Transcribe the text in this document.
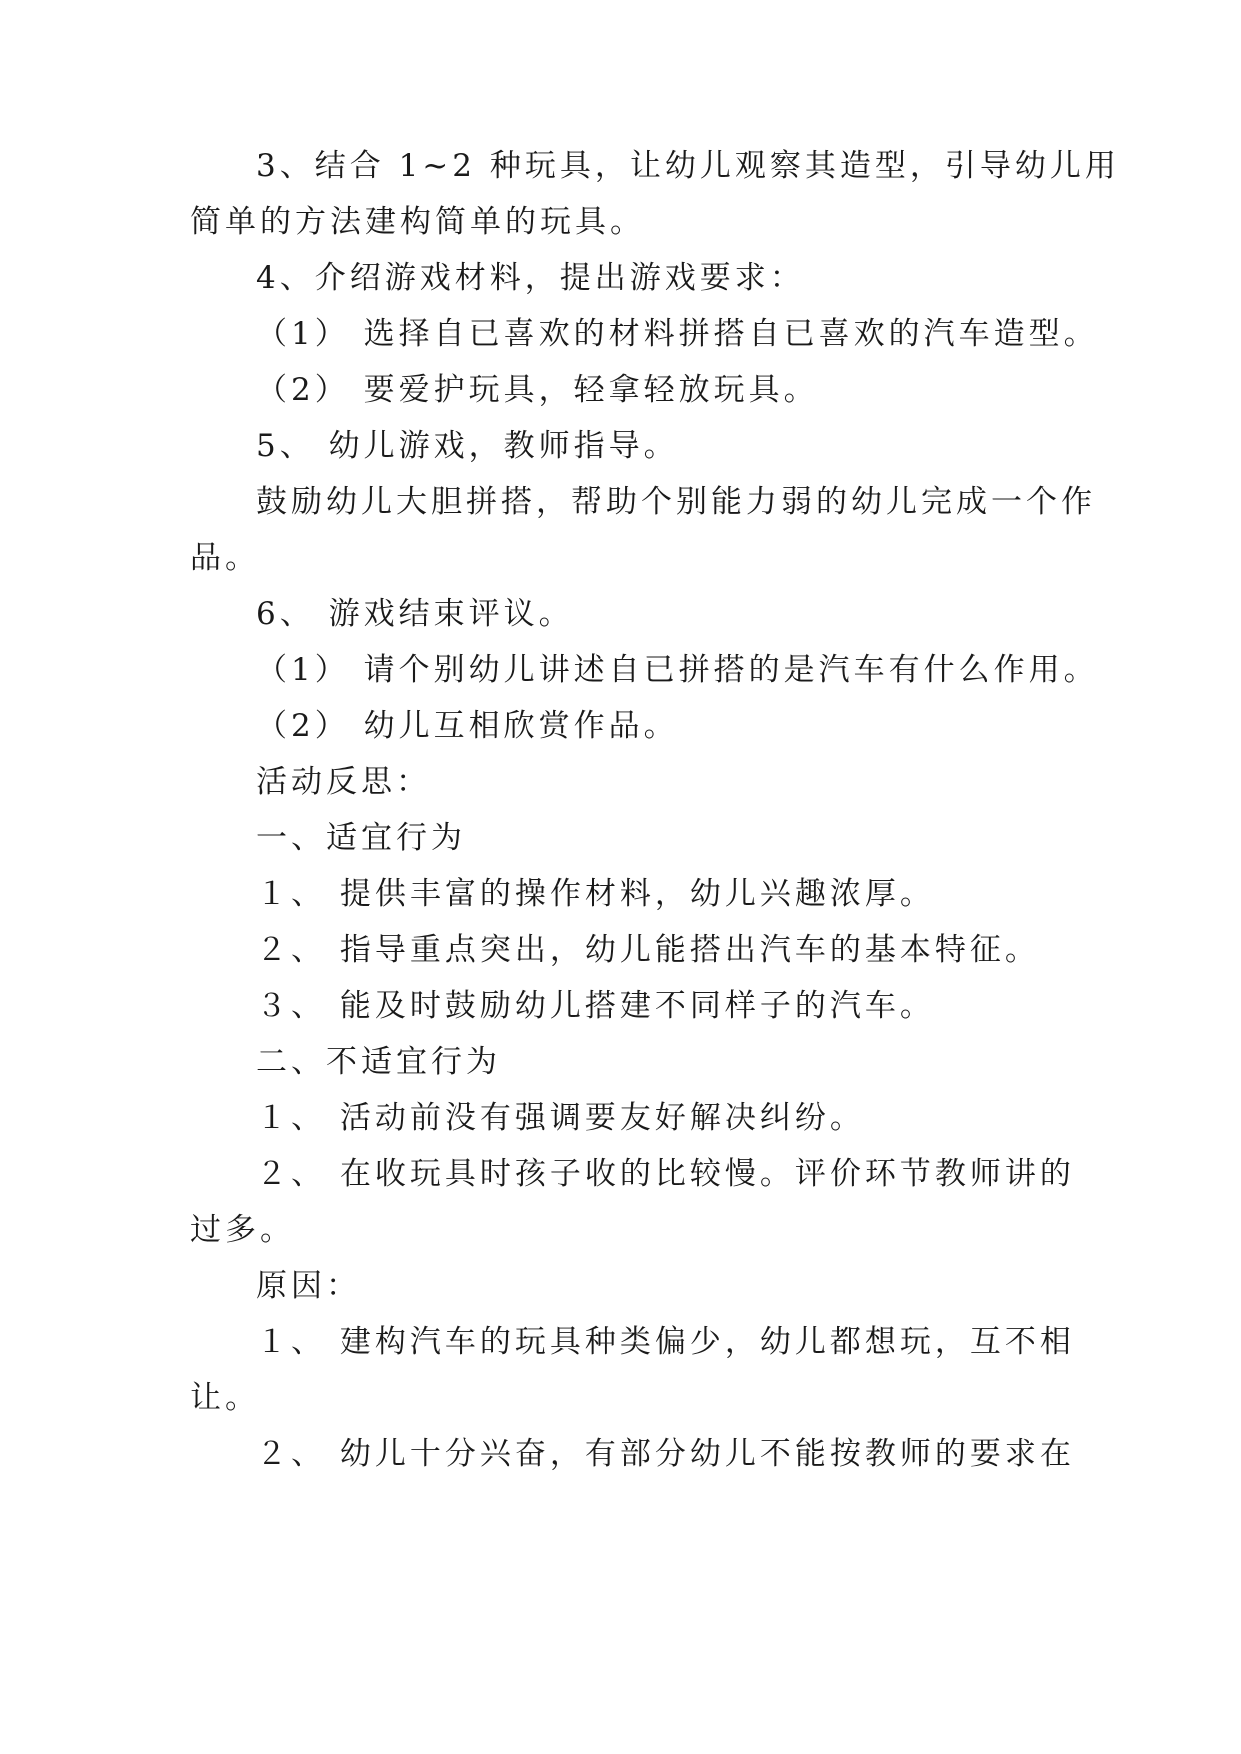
3、结合 1~2 种玩具，让幼儿观察其造型，引导幼儿用
简单的方法建构简单的玩具。
4、介绍游戏材料，提出游戏要求：
（1） 选择自已喜欢的材料拼搭自已喜欢的汽车造型。
（2） 要爱护玩具，轻拿轻放玩具。
5、 幼儿游戏，教师指导。
鼓励幼儿大胆拼搭，帮助个别能力弱的幼儿完成一个作
品。
6、 游戏结束评议。
（1） 请个别幼儿讲述自已拼搭的是汽车有什么作用。
（2） 幼儿互相欣赏作品。
活动反思：
一、适宜行为
１、 提供丰富的操作材料，幼儿兴趣浓厚。
２、 指导重点突出，幼儿能搭出汽车的基本特征。
３、 能及时鼓励幼儿搭建不同样子的汽车。
二、不适宜行为
１、 活动前没有强调要友好解决纠纷。
２、 在收玩具时孩子收的比较慢。评价环节教师讲的
过多。
原因：
１、 建构汽车的玩具种类偏少，幼儿都想玩，互不相
让。
２、 幼儿十分兴奋，有部分幼儿不能按教师的要求在
